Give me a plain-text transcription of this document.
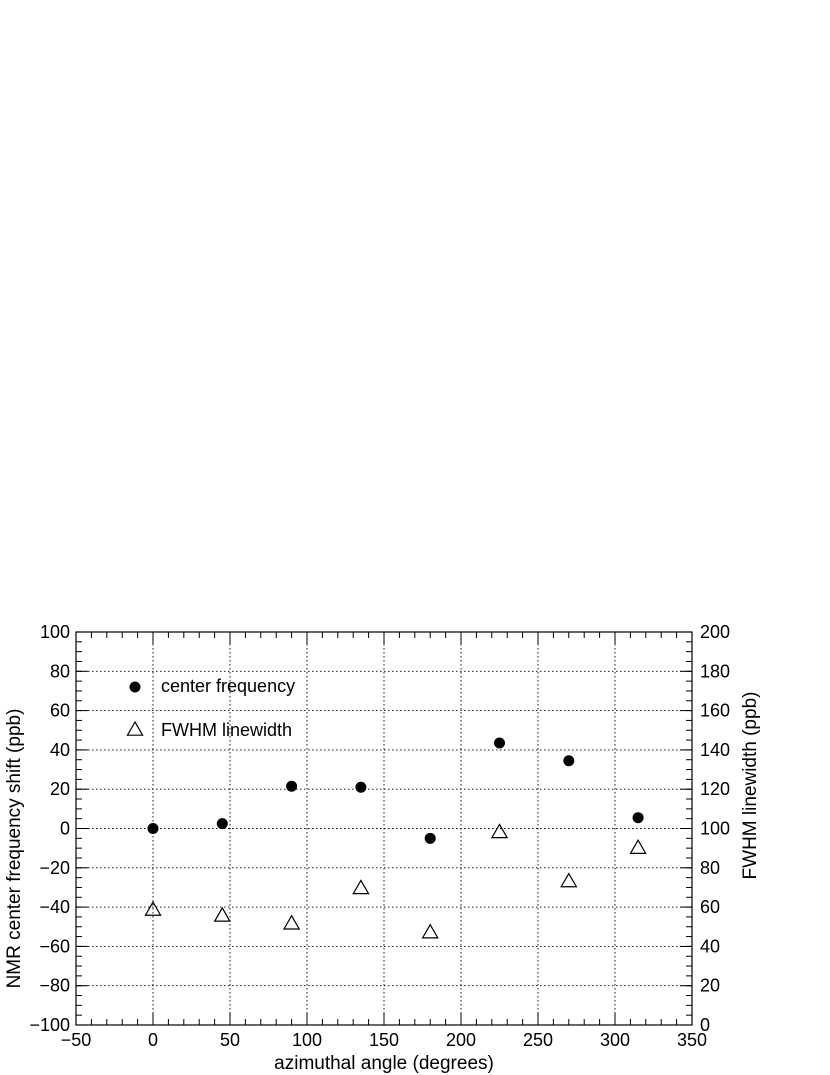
−50	0	50	100	150	200	250	300	350
−100
−80
−60
−40
−20
0
20
40
60
80
100
0
20
40
60
80
100
120
140
160
180
200
azimuthal angle (degrees)
NMR center frequency shift (ppb)	FWHM linewidth (ppb)
center frequency
FWHM linewidth
